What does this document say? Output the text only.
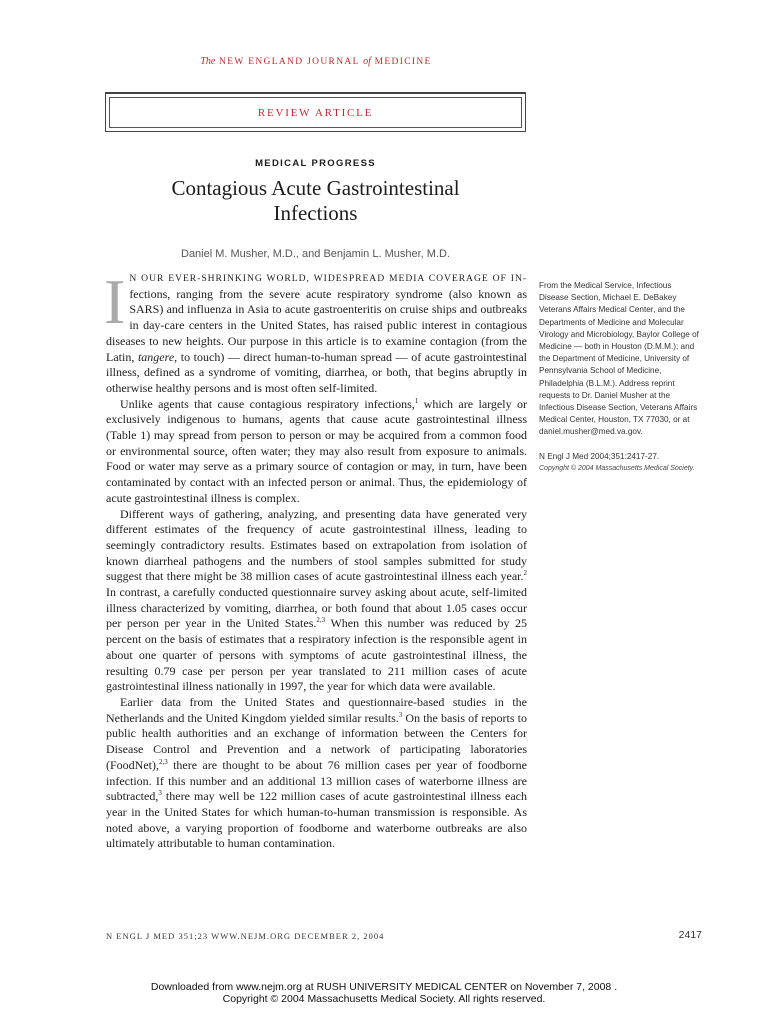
The NEW ENGLAND JOURNAL of MEDICINE
REVIEW ARTICLE
MEDICAL PROGRESS
Contagious Acute Gastrointestinal
Infections
Daniel M. Musher, M.D., and Benjamin L. Musher, M.D.

I N OUR EVER-SHRINKING WORLD, WIDESPREAD MEDIA COVERAGE OF IN- fections, ranging from the severe acute respiratory syndrome (also known as SARS) and influenza in Asia to acute gastroenteritis on cruise ships and outbreaks in day-care centers in the United States, has raised public interest in contagious diseases to new heights. Our purpose in this article is to examine contagion (from the Latin, tangere, to touch) — direct human-to-human spread — of acute gastrointestinal illness, defined as a syndrome of vomiting, diarrhea, or both, that begins abruptly in otherwise healthy persons and is most often self-limited.

Unlike agents that cause contagious respiratory infections,$^1$ which are largely or exclusively indigenous to humans, agents that cause acute gastrointestinal illness (Table 1) may spread from person to person or may be acquired from a common food or environmental source, often water; they may also result from exposure to animals. Food or water may serve as a primary source of contagion or may, in turn, have been contaminated by contact with an infected person or animal. Thus, the epidemiology of acute gastrointestinal illness is complex.

Different ways of gathering, analyzing, and presenting data have generated very different estimates of the frequency of acute gastrointestinal illness, leading to seemingly contradictory results. Estimates based on extrapolation from isolation of known diarrheal pathogens and the numbers of stool samples submitted for study suggest that there might be 38 million cases of acute gastrointestinal illness each year.$^2$ In contrast, a carefully conducted questionnaire survey asking about acute, self-limited illness characterized by vomiting, diarrhea, or both found that about 1.05 cases occur per person per year in the United States.$^{2,3}$ When this number was reduced by 25 percent on the basis of estimates that a respiratory infection is the responsible agent in about one quarter of persons with symptoms of acute gastrointestinal illness, the resulting 0.79 case per person per year translated to 211 million cases of acute gastrointestinal illness nationally in 1997, the year for which data were available.

Earlier data from the United States and questionnaire-based studies in the Netherlands and the United Kingdom yielded similar results.$^3$ On the basis of reports to public health authorities and an exchange of information between the Centers for Disease Control and Prevention and a network of participating laboratories (FoodNet),$^{2,3}$ there are thought to be about 76 million cases per year of foodborne infection. If this number and an additional 13 million cases of waterborne illness are subtracted,$^3$ there may well be 122 million cases of acute gastrointestinal illness each year in the United States for which human-to-human transmission is responsible. As noted above, a varying proportion of foodborne and waterborne outbreaks are also ultimately attributable to human contamination.

From the Medical Service, Infectious Disease Section, Michael E. DeBakey Veterans Affairs Medical Center, and the Departments of Medicine and Molecular Virology and Microbiology, Baylor College of Medicine — both in Houston (D.M.M.); and the Department of Medicine, University of Pennsylvania School of Medicine, Philadelphia (B.L.M.). Address reprint requests to Dr. Daniel Musher at the Infectious Disease Section, Veterans Affairs Medical Center, Houston, TX 77030, or at daniel.musher@med.va.gov.
N Engl J Med 2004;351:2417-27.
Copyright © 2004 Massachusetts Medical Society.
N ENGL J MED 351;23 WWW.NEJM.ORG DECEMBER 2, 2004	2417
Downloaded from www.nejm.org at RUSH UNIVERSITY MEDICAL CENTER on November 7, 2008 .
Copyright © 2004 Massachusetts Medical Society. All rights reserved.
